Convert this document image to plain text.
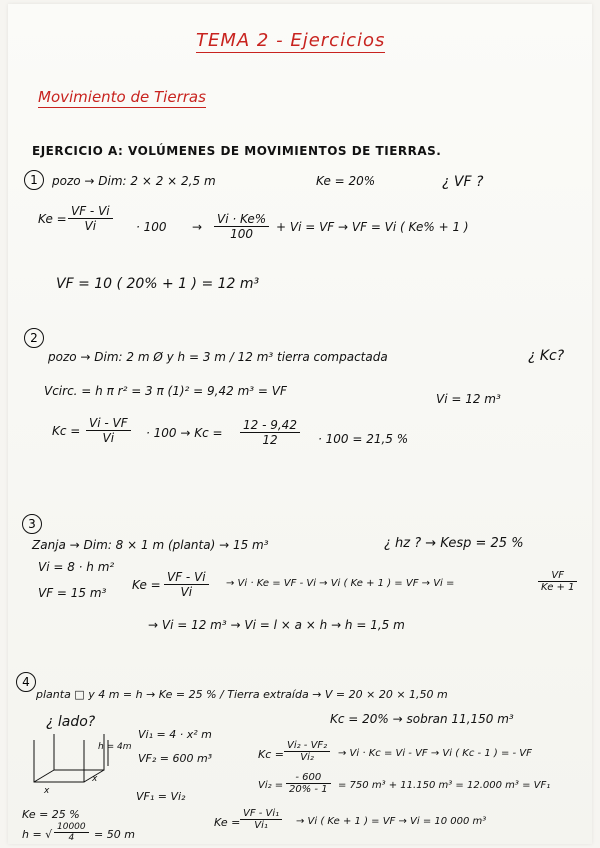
TEMA 2 - Ejercicios
Movimiento de Tierras
EJERCICIO A: VOLÚMENES DE MOVIMIENTOS DE TIERRAS.
1	pozo → Dim: 2 × 2 × 2,5 m	Ke = 20%	¿ VF ?
$Ke = \frac{VF - Vi}{Vi} \cdot 100 \to \frac{Vi \cdot Ke\%}{100} + Vi$ = VF → VF = Vi ( Ke% + 1 )
VF = 10 ( 20% + 1 ) = 12 m³
2
pozo → Dim: 2 m Ø y h = 3 m / 12 m³ tierra compactada	¿ Kc?
Vcirc. = h π r² = 3 π (1)² = 9,42 m³ = VF
Vi = 12 m³
$Kc = \frac{Vi - VF}{Vi} \cdot 100 \to Kc = \frac{12 - 9,42}{12} \cdot 100 = 21,5$ %
3
Zanja → Dim: 8 × 1 m (planta) → 15 m³	¿ hz ? → Kesp = 25 %
Vi = 8 · h m²
VF = 15 m³
$Ke = \frac{VF - Vi}{Vi} \to Vi \cdot Ke$ = VF - Vi → Vi ( Ke + 1 ) = VF → Vi =	$\frac{VF}{Ke + 1}$
→ Vi = 12 m³ → Vi = l × a × h → h = 1,5 m
4
planta □ y 4 m = h → Ke = 25 % / Tierra extraída → V = 20 × 20 × 1,50 m
¿ lado?	Kc = 20% → sobran 11,150 m³
h = 4m
x
x
Vi₁ = 4 · x² m
VF₂ = 600 m³
VF₁ = Vi₂
$Kc = \frac{\text{Vi₂ - VF₂}}{\text{Vi₂}} \to Vi \cdot Kc = Vi$ - VF → Vi ( Kc - 1 ) = - VF
$Vi_2 = \frac{- 600}{20\% - 1} = 750$ m³ + 11.150 m³ = 12.000 m³ = VF₁
Ke = 25 %
h = √ $\frac{10000}{4} = 50$ m
$Ke = \frac{\text{VF - Vi₁}}{\text{Vi₁}} \to Vi$ ( Ke + 1 ) = VF → Vi = 10 000 m³
